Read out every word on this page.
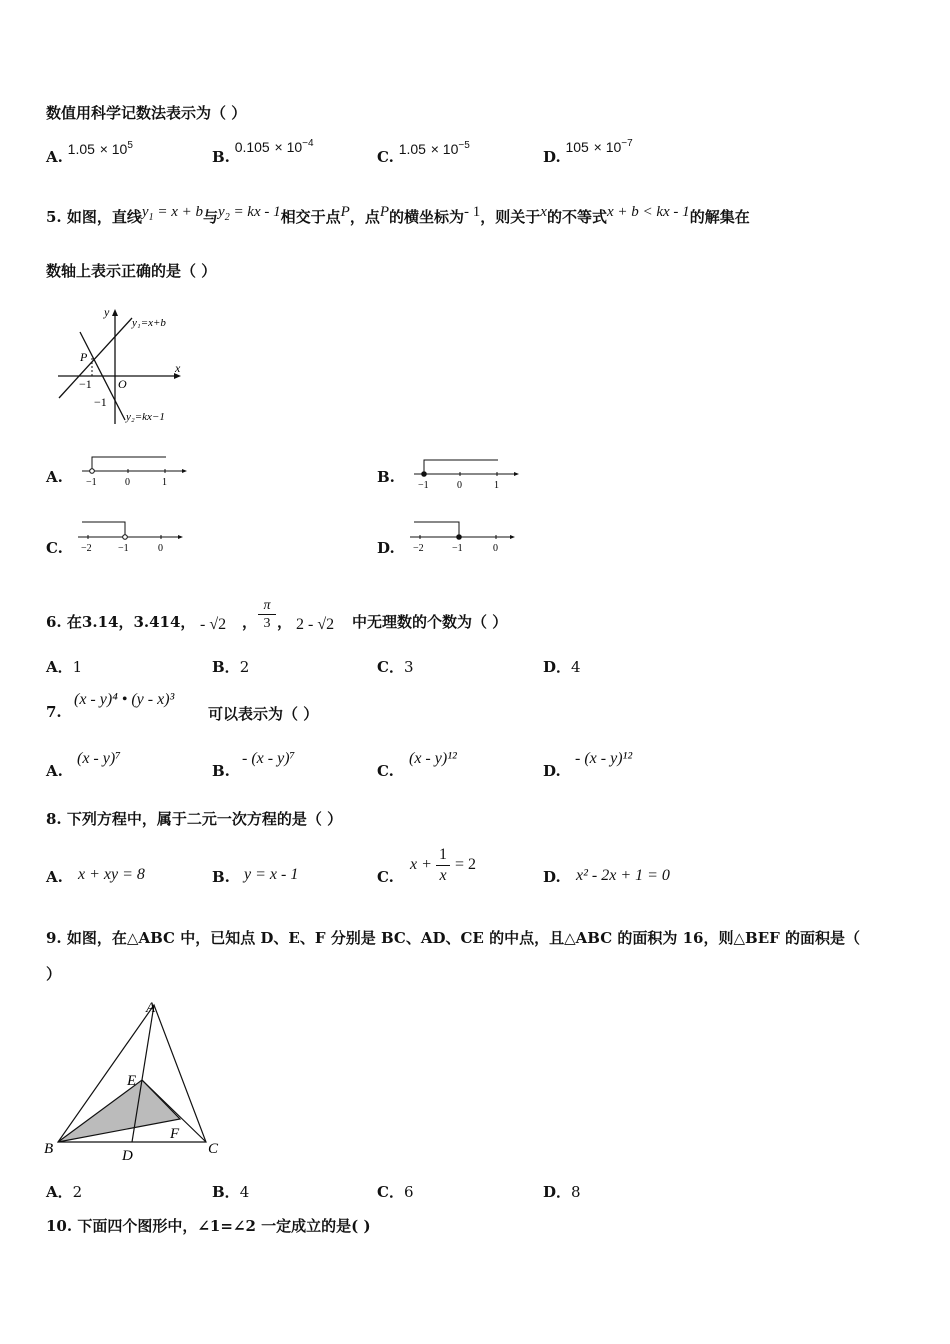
数值用科学记数法表示为（ ）
A. $1.05 \times 10^5$
B. $0.105 \times 10^{-4}$
C. $1.05 \times 10^{-5}$
D. $105 \times 10^{-7}$
5. 如图，直线$y_1 = x + b$与$y_2$ = kx - 1相交于点P，点P的横坐标为- 1，则关于x的不等式x + b < kx - 1的解集在
数轴上表示正确的是（ ）
y
x
O
P
−1
−1
y₁=x+b
y₂=kx−1
A. −1	0	1	B. −1	0	1
C. −2	−1	0	D. −2	−1	0
6. 在3.14，3.414， - √2 ， $\frac{\pi}{3}$ ， 2 - √2 中无理数的个数为（ ）
A．1	B．2	C．3	D．4
7.
(x - y)⁴ • (y - x)³
可以表示为（ ）
A.
(x - y)⁷
B.
- (x - y)⁷
C.
(x - y)¹²
D.
- (x - y)¹²
8. 下列方程中，属于二元一次方程的是（ ）
A. x + xy = 8	B. y = x - 1	C.
$x + \frac{1}{x} = 2$
D. x² - 2x + 1 = 0
9. 如图，在△ABC 中，已知点 D、E、F 分别是 BC、AD、CE 的中点，且△ABC 的面积为 16，则△BEF 的面积是（
）
A
B	C
D
E
F
A．2	B．4	C．6	D．8
10. 下面四个图形中，∠1=∠2 一定成立的是( )
